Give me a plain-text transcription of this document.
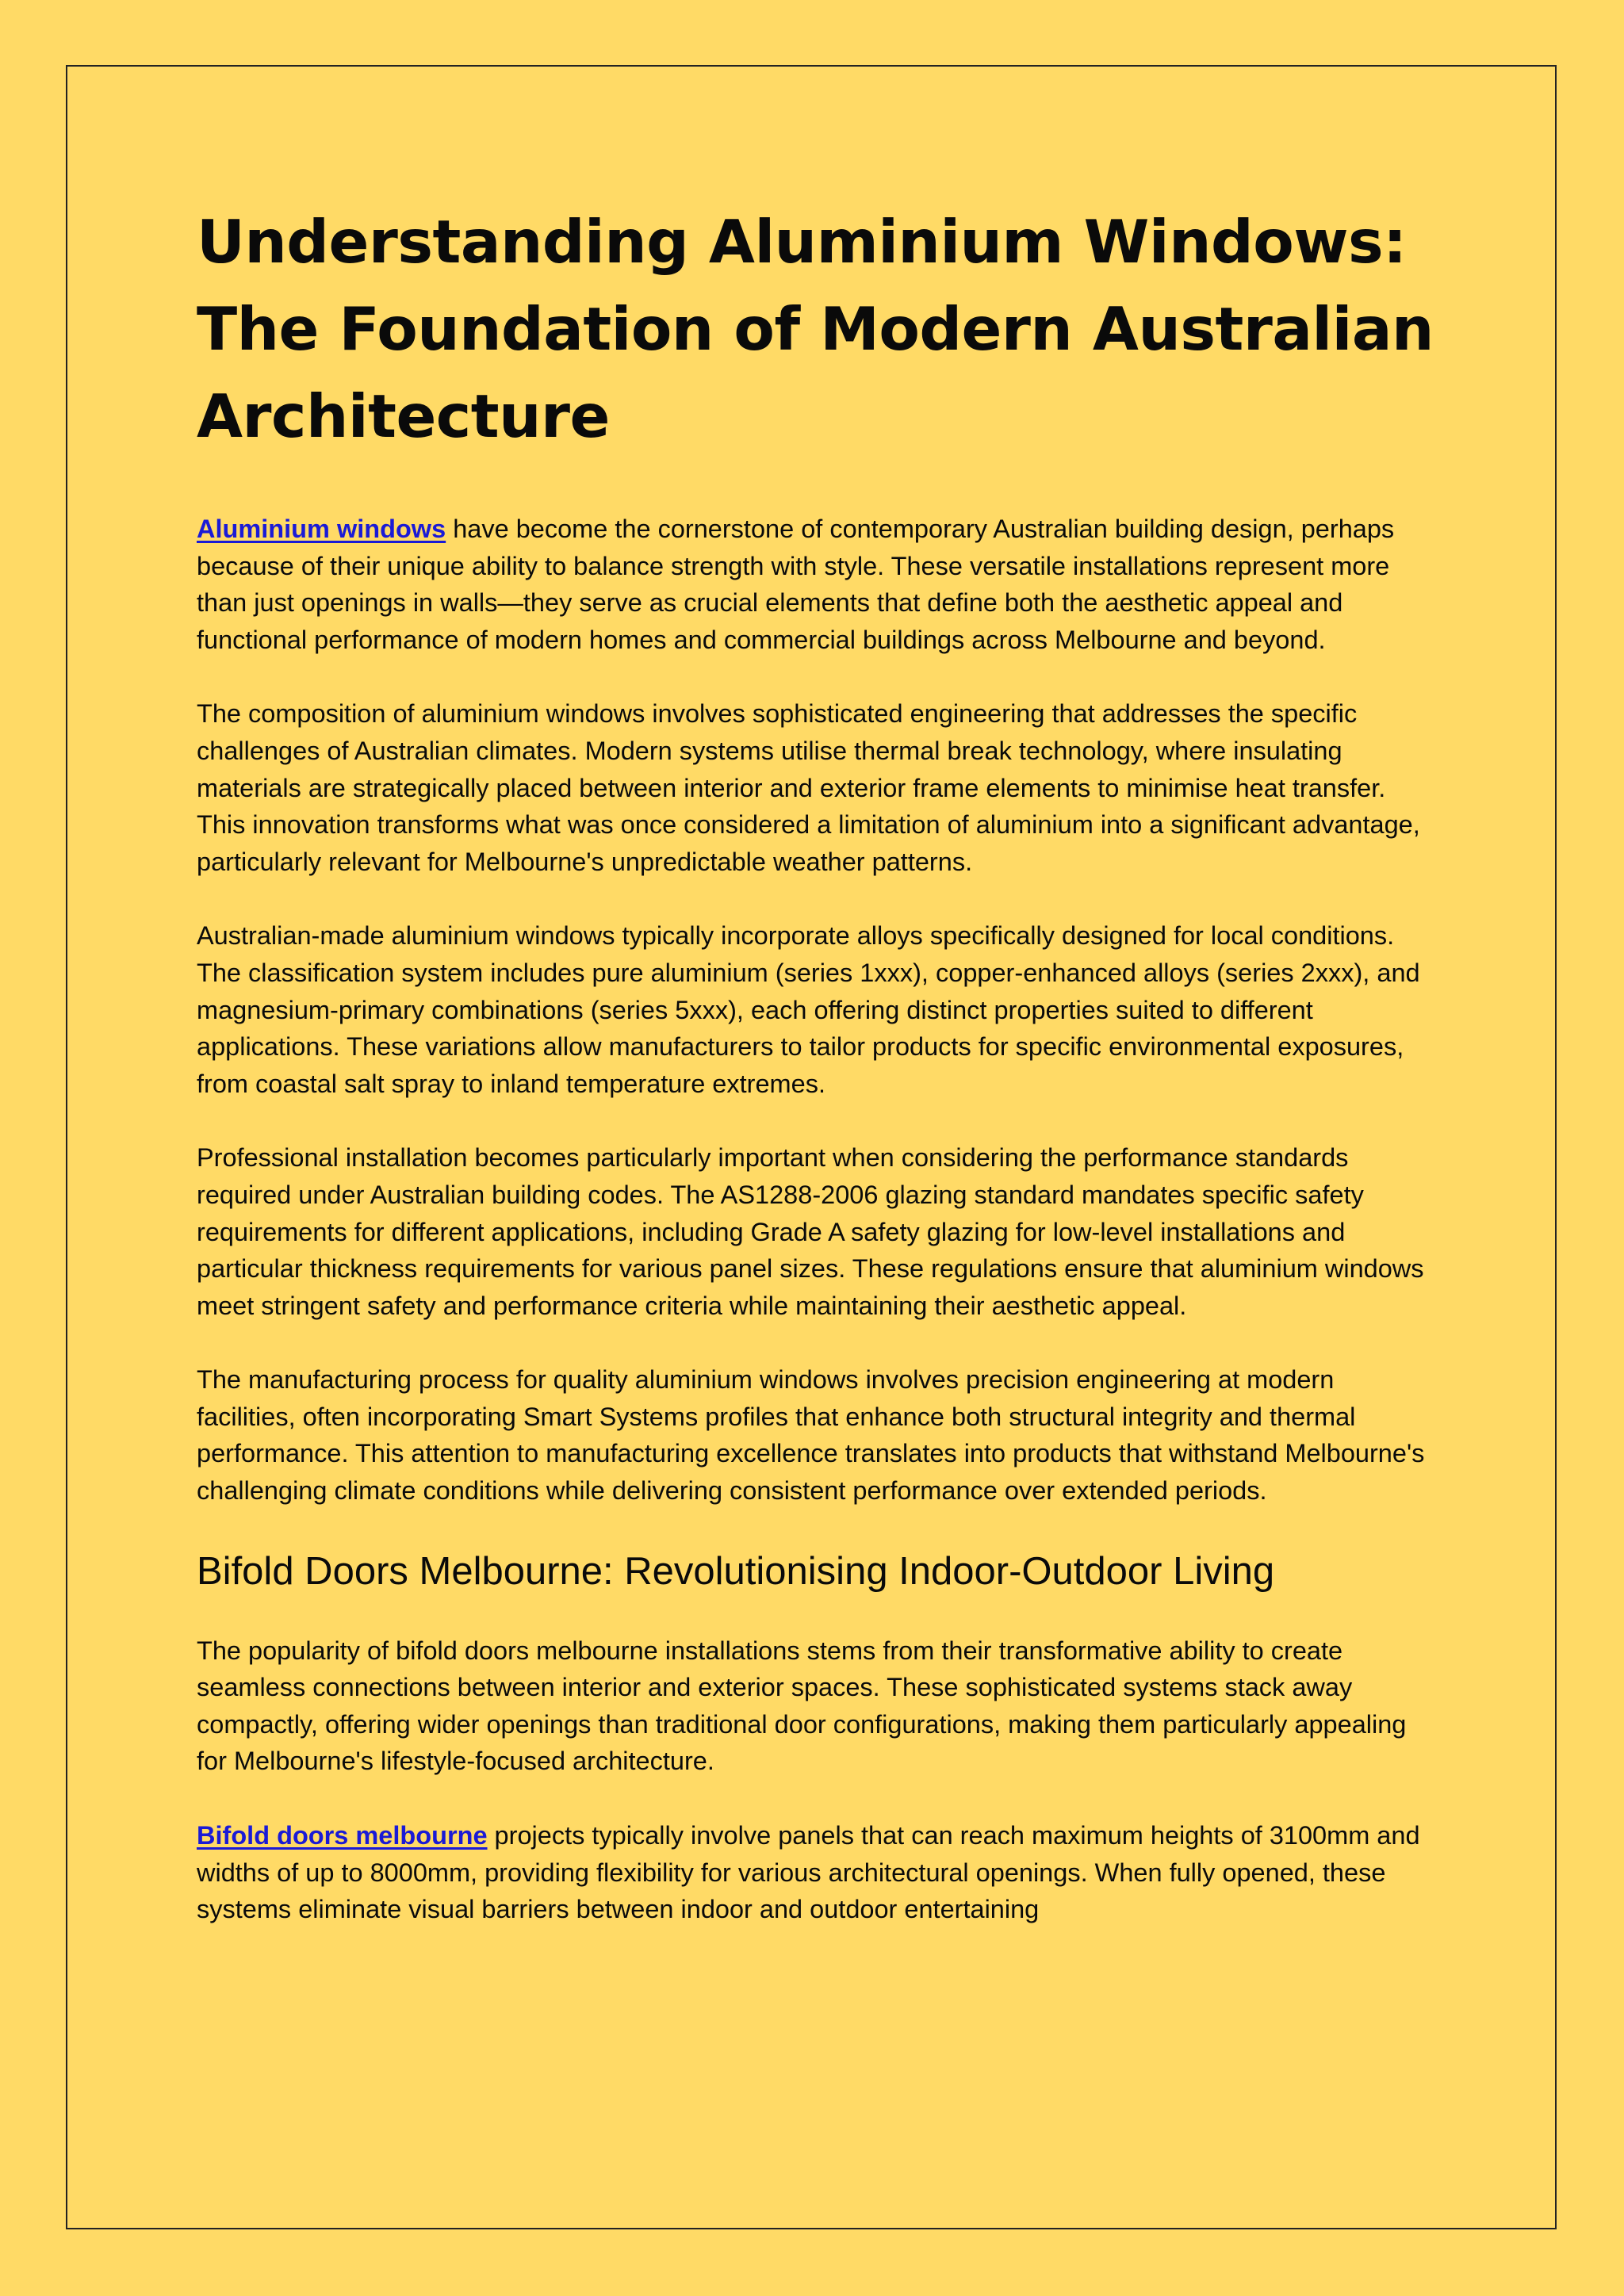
Understanding Aluminium Windows: The Foundation of Modern Australian Architecture

Aluminium windows have become the cornerstone of contemporary Australian building design, perhaps because of their unique ability to balance strength with style. These versatile installations represent more than just openings in walls—they serve as crucial elements that define both the aesthetic appeal and functional performance of modern homes and commercial buildings across Melbourne and beyond.

The composition of aluminium windows involves sophisticated engineering that addresses the specific challenges of Australian climates. Modern systems utilise thermal break technology, where insulating materials are strategically placed between interior and exterior frame elements to minimise heat transfer. This innovation transforms what was once considered a limitation of aluminium into a significant advantage, particularly relevant for Melbourne's unpredictable weather patterns.

Australian-made aluminium windows typically incorporate alloys specifically designed for local conditions. The classification system includes pure aluminium (series 1xxx), copper-enhanced alloys (series 2xxx), and magnesium-primary combinations (series 5xxx), each offering distinct properties suited to different applications. These variations allow manufacturers to tailor products for specific environmental exposures, from coastal salt spray to inland temperature extremes.

Professional installation becomes particularly important when considering the performance standards required under Australian building codes. The AS1288-2006 glazing standard mandates specific safety requirements for different applications, including Grade A safety glazing for low-level installations and particular thickness requirements for various panel sizes. These regulations ensure that aluminium windows meet stringent safety and performance criteria while maintaining their aesthetic appeal.

The manufacturing process for quality aluminium windows involves precision engineering at modern facilities, often incorporating Smart Systems profiles that enhance both structural integrity and thermal performance. This attention to manufacturing excellence translates into products that withstand Melbourne's challenging climate conditions while delivering consistent performance over extended periods.

Bifold Doors Melbourne: Revolutionising Indoor-Outdoor Living

The popularity of bifold doors melbourne installations stems from their transformative ability to create seamless connections between interior and exterior spaces. These sophisticated systems stack away compactly, offering wider openings than traditional door configurations, making them particularly appealing for Melbourne's lifestyle-focused architecture.

Bifold doors melbourne projects typically involve panels that can reach maximum heights of 3100mm and widths of up to 8000mm, providing flexibility for various architectural openings. When fully opened, these systems eliminate visual barriers between indoor and outdoor entertaining
